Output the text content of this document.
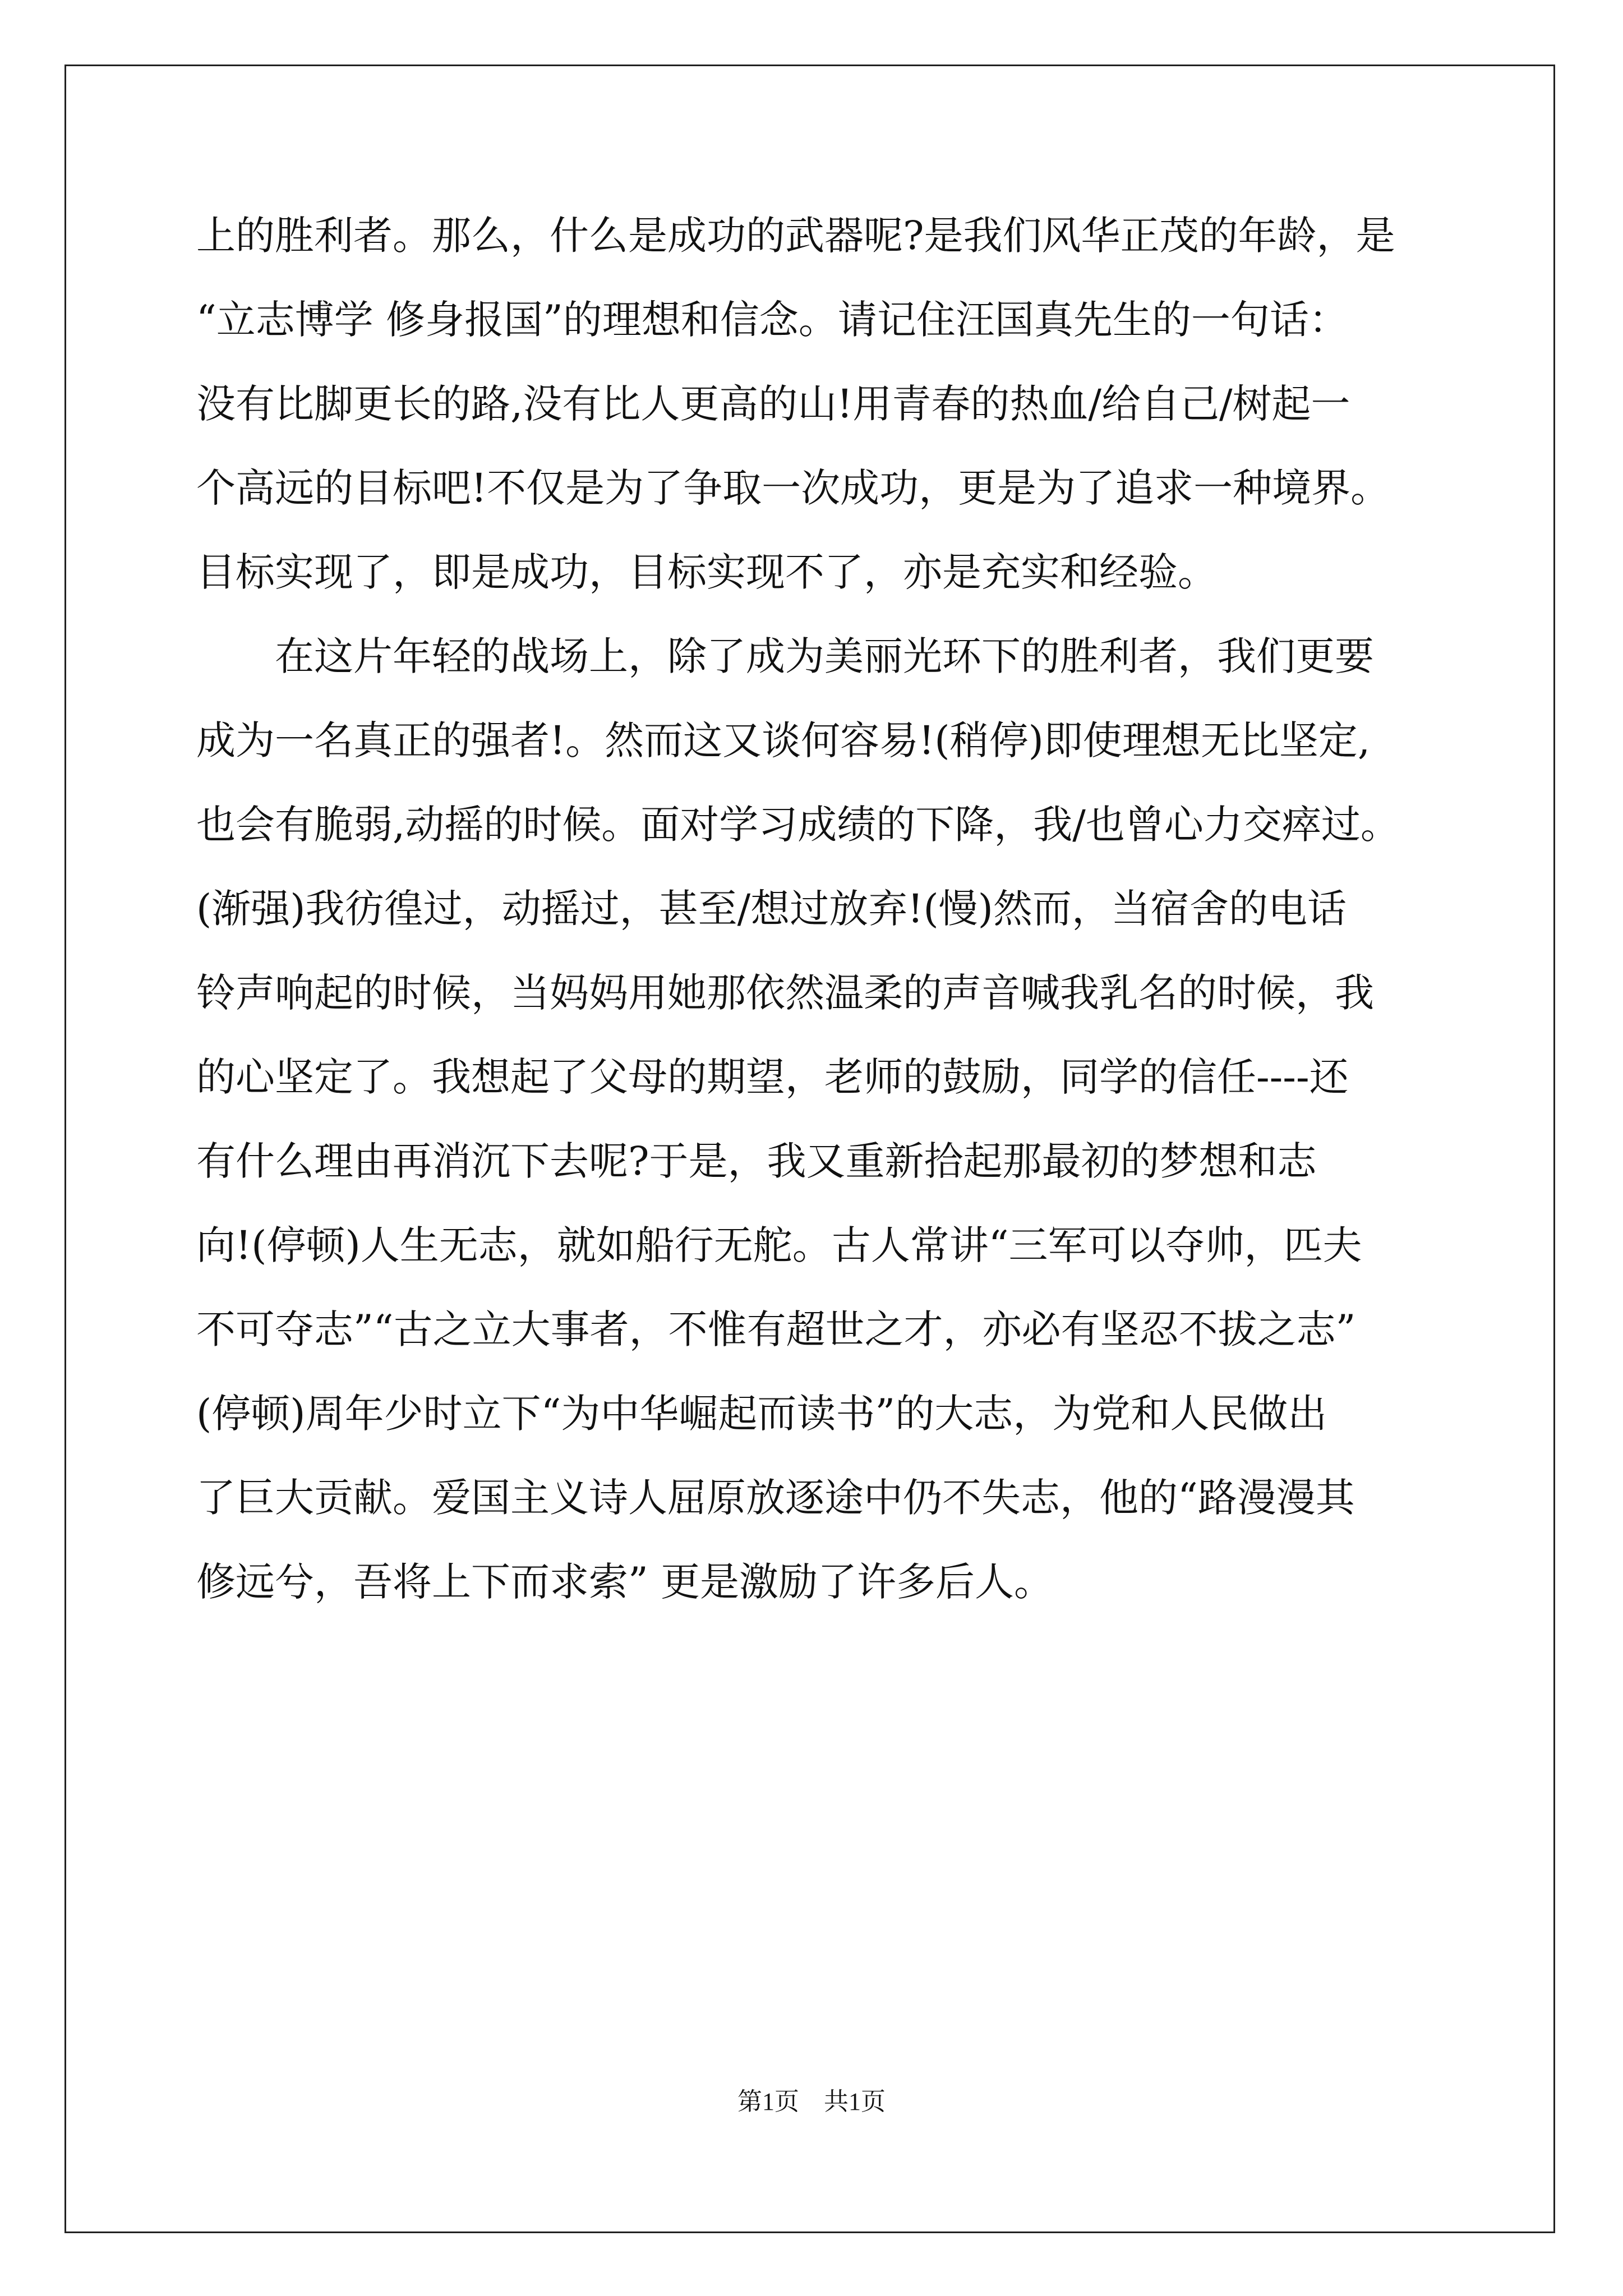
上的胜利者。那么，什么是成功的武器呢?是我们风华正茂的年龄，是
“立志博学 修身报国”的理想和信念。请记住汪国真先生的一句话：
没有比脚更长的路,没有比人更高的山!用青春的热血/给自己/树起一
个高远的目标吧!不仅是为了争取一次成功，更是为了追求一种境界。
目标实现了，即是成功，目标实现不了，亦是充实和经验。
　　在这片年轻的战场上，除了成为美丽光环下的胜利者，我们更要
成为一名真正的强者!。然而这又谈何容易!(稍停)即使理想无比坚定,
也会有脆弱,动摇的时候。面对学习成绩的下降，我/也曾心力交瘁过。
(渐强)我彷徨过，动摇过，甚至/想过放弃!(慢)然而，当宿舍的电话
铃声响起的时候，当妈妈用她那依然温柔的声音喊我乳名的时候，我
的心坚定了。我想起了父母的期望，老师的鼓励，同学的信任----还
有什么理由再消沉下去呢?于是，我又重新拾起那最初的梦想和志
向!(停顿)人生无志，就如船行无舵。古人常讲“三军可以夺帅，匹夫
不可夺志”“古之立大事者，不惟有超世之才，亦必有坚忍不拔之志”
(停顿)周年少时立下“为中华崛起而读书”的大志，为党和人民做出
了巨大贡献。爱国主义诗人屈原放逐途中仍不失志，他的“路漫漫其
修远兮，吾将上下而求索” 更是激励了许多后人。
第1页　共1页
